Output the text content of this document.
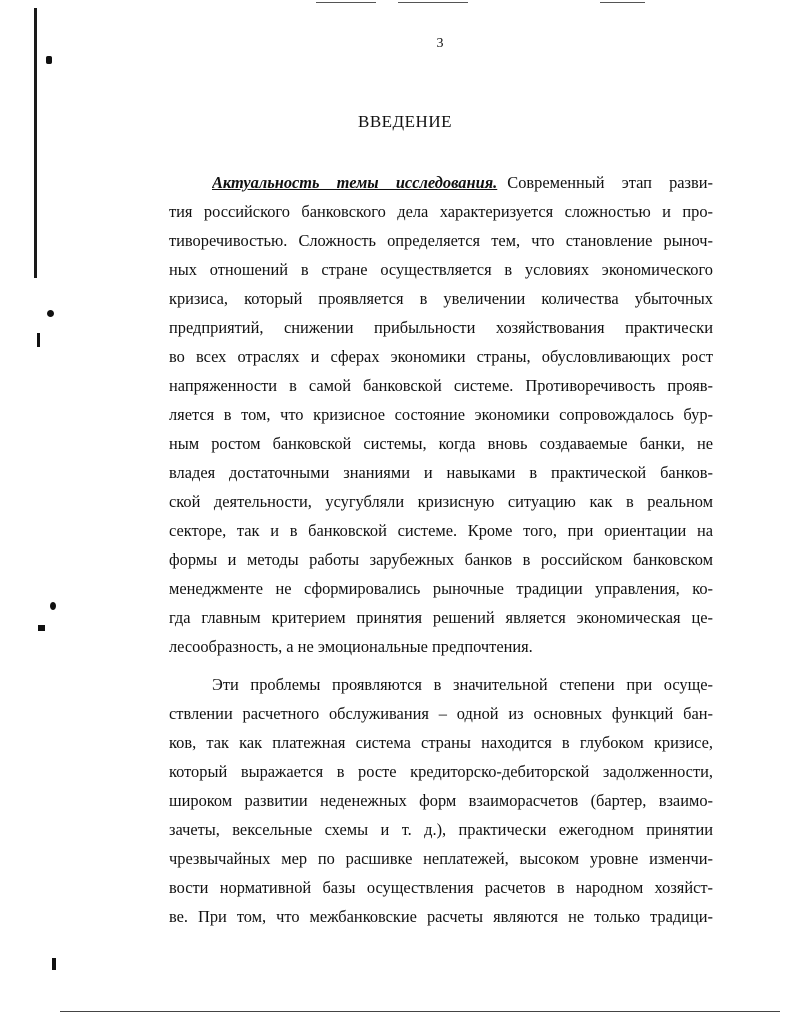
3
ВВЕДЕНИЕ
Актуальность темы исследования. Современный этап разви-
тия российского банковского дела характеризуется сложностью и про-
тиворечивостью. Сложность определяется тем, что становление рыноч-
ных отношений в стране осуществляется в условиях экономического
кризиса, который проявляется в увеличении количества убыточных
предприятий, снижении прибыльности хозяйствования практически
во всех отраслях и сферах экономики страны, обусловливающих рост
напряженности в самой банковской системе. Противоречивость прояв-
ляется в том, что кризисное состояние экономики сопровождалось бур-
ным ростом банковской системы, когда вновь создаваемые банки, не
владея достаточными знаниями и навыками в практической банков-
ской деятельности, усугубляли кризисную ситуацию как в реальном
секторе, так и в банковской системе. Кроме того, при ориентации на
формы и методы работы зарубежных банков в российском банковском
менеджменте не сформировались рыночные традиции управления, ко-
гда главным критерием принятия решений является экономическая це-
лесообразность, а не эмоциональные предпочтения.
Эти проблемы проявляются в значительной степени при осуще-
ствлении расчетного обслуживания – одной из основных функций бан-
ков, так как платежная система страны находится в глубоком кризисе,
который выражается в росте кредиторско-дебиторской задолженности,
широком развитии неденежных форм взаиморасчетов (бартер, взаимо-
зачеты, вексельные схемы и т. д.), практически ежегодном принятии
чрезвычайных мер по расшивке неплатежей, высоком уровне изменчи-
вости нормативной базы осуществления расчетов в народном хозяйст-
ве. При том, что межбанковские расчеты являются не только традици-
